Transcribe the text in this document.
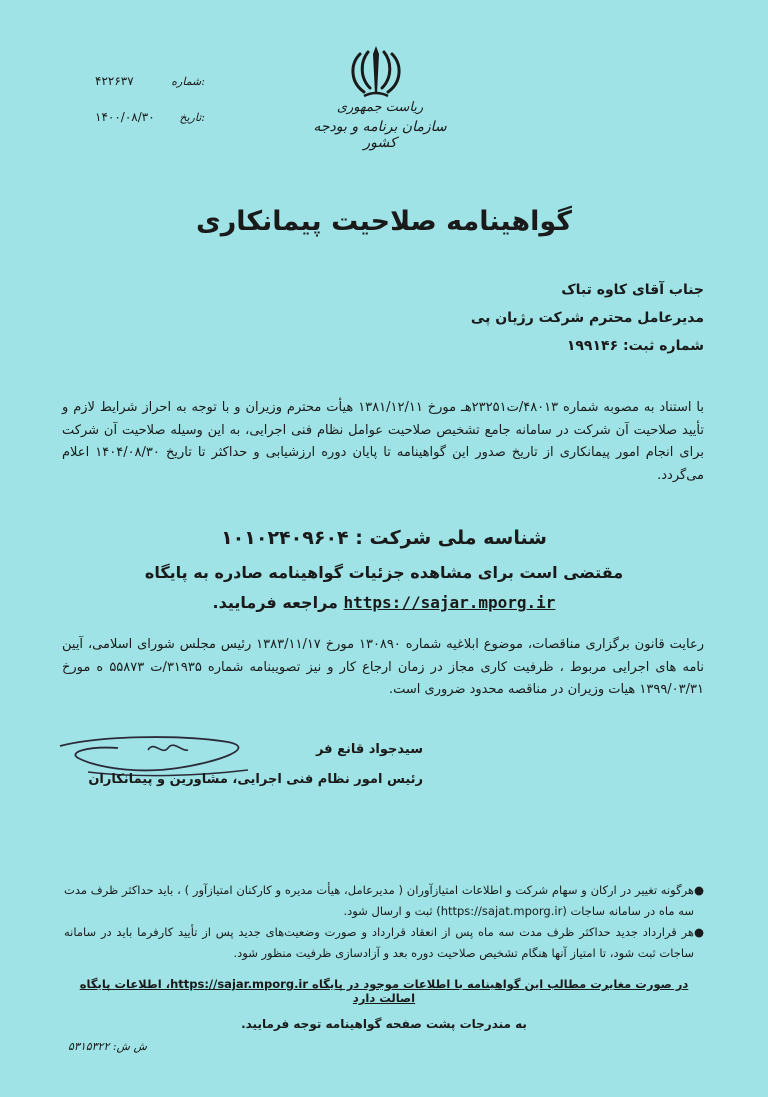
۴۲۲۶۳۷	شماره:
۱۴۰۰/۰۸/۳۰ تاریخ:
ریاست جمهوری
سازمان برنامه و بودجه کشور
گواهینامه صلاحیت پیمانکاری
جناب آقای کاوه تباک
مدیرعامل محترم شرکت رژیان پی
شماره ثبت: ۱۹۹۱۴۶
با استناد به مصوبه شماره ۴۸۰۱۳/ت۲۳۲۵۱هـ مورخ ۱۳۸۱/۱۲/۱۱ هیأت محترم وزیران و با توجه به احراز شرایط لازم و تأیید صلاحیت آن شرکت در سامانه جامع تشخیص صلاحیت عوامل نظام فنی اجرایی، به این وسیله صلاحیت آن شرکت برای انجام امور پیمانکاری از تاریخ صدور این گواهینامه تا پایان دوره ارزشیابی و حداکثر تا تاریخ ۱۴۰۴/۰۸/۳۰ اعلام می‌گردد.
شناسه ملی شرکت : ۱۰۱۰۲۴۰۹۶۰۴
مقتضی است برای مشاهده جزئیات گواهینامه صادره به پایگاه
https://sajar.mporg.ir مراجعه فرمایید.
رعایت قانون برگزاری مناقصات، موضوع ابلاغیه شماره ۱۳۰۸۹۰ مورخ ۱۳۸۳/۱۱/۱۷ رئیس مجلس شورای اسلامی، آیین نامه های اجرایی مربوط ، ظرفیت کاری مجاز در زمان ارجاع کار و نیز تصویبنامه شماره ۳۱۹۳۵/ت ۵۵۸۷۳ ه مورخ ۱۳۹۹/۰۳/۳۱ هیات وزیران در مناقصه محدود ضروری است.
سیدجواد قانع فر
رئیس امور نظام فنی اجرایی، مشاورین و پیمانکاران
●
هرگونه تغییر در ارکان و سهام شرکت و اطلاعات امتیازآوران ( مدیرعامل، هیأت مدیره و کارکنان امتیازآور ) ، باید حداکثر ظرف مدت سه ماه در سامانه ساجات (https://sajat.mporg.ir) ثبت و ارسال شود.
●
هر قرارداد جدید حداکثر ظرف مدت سه ماه پس از انعقاد قرارداد و صورت وضعیت‌های جدید پس از تأیید کارفرما باید در سامانه ساجات ثبت شود، تا امتیاز آنها هنگام تشخیص صلاحیت دوره بعد و آزادسازی ظرفیت منظور شود.
در صورت مغایرت مطالب این گواهینامه با اطلاعات موجود در پایگاه https://sajar.mporg.ir، اطلاعات پایگاه اصالت دارد
به مندرجات پشت صفحه گواهینامه توجه فرمایید.
ش ش: ۵۳۱۵۳۲۲
